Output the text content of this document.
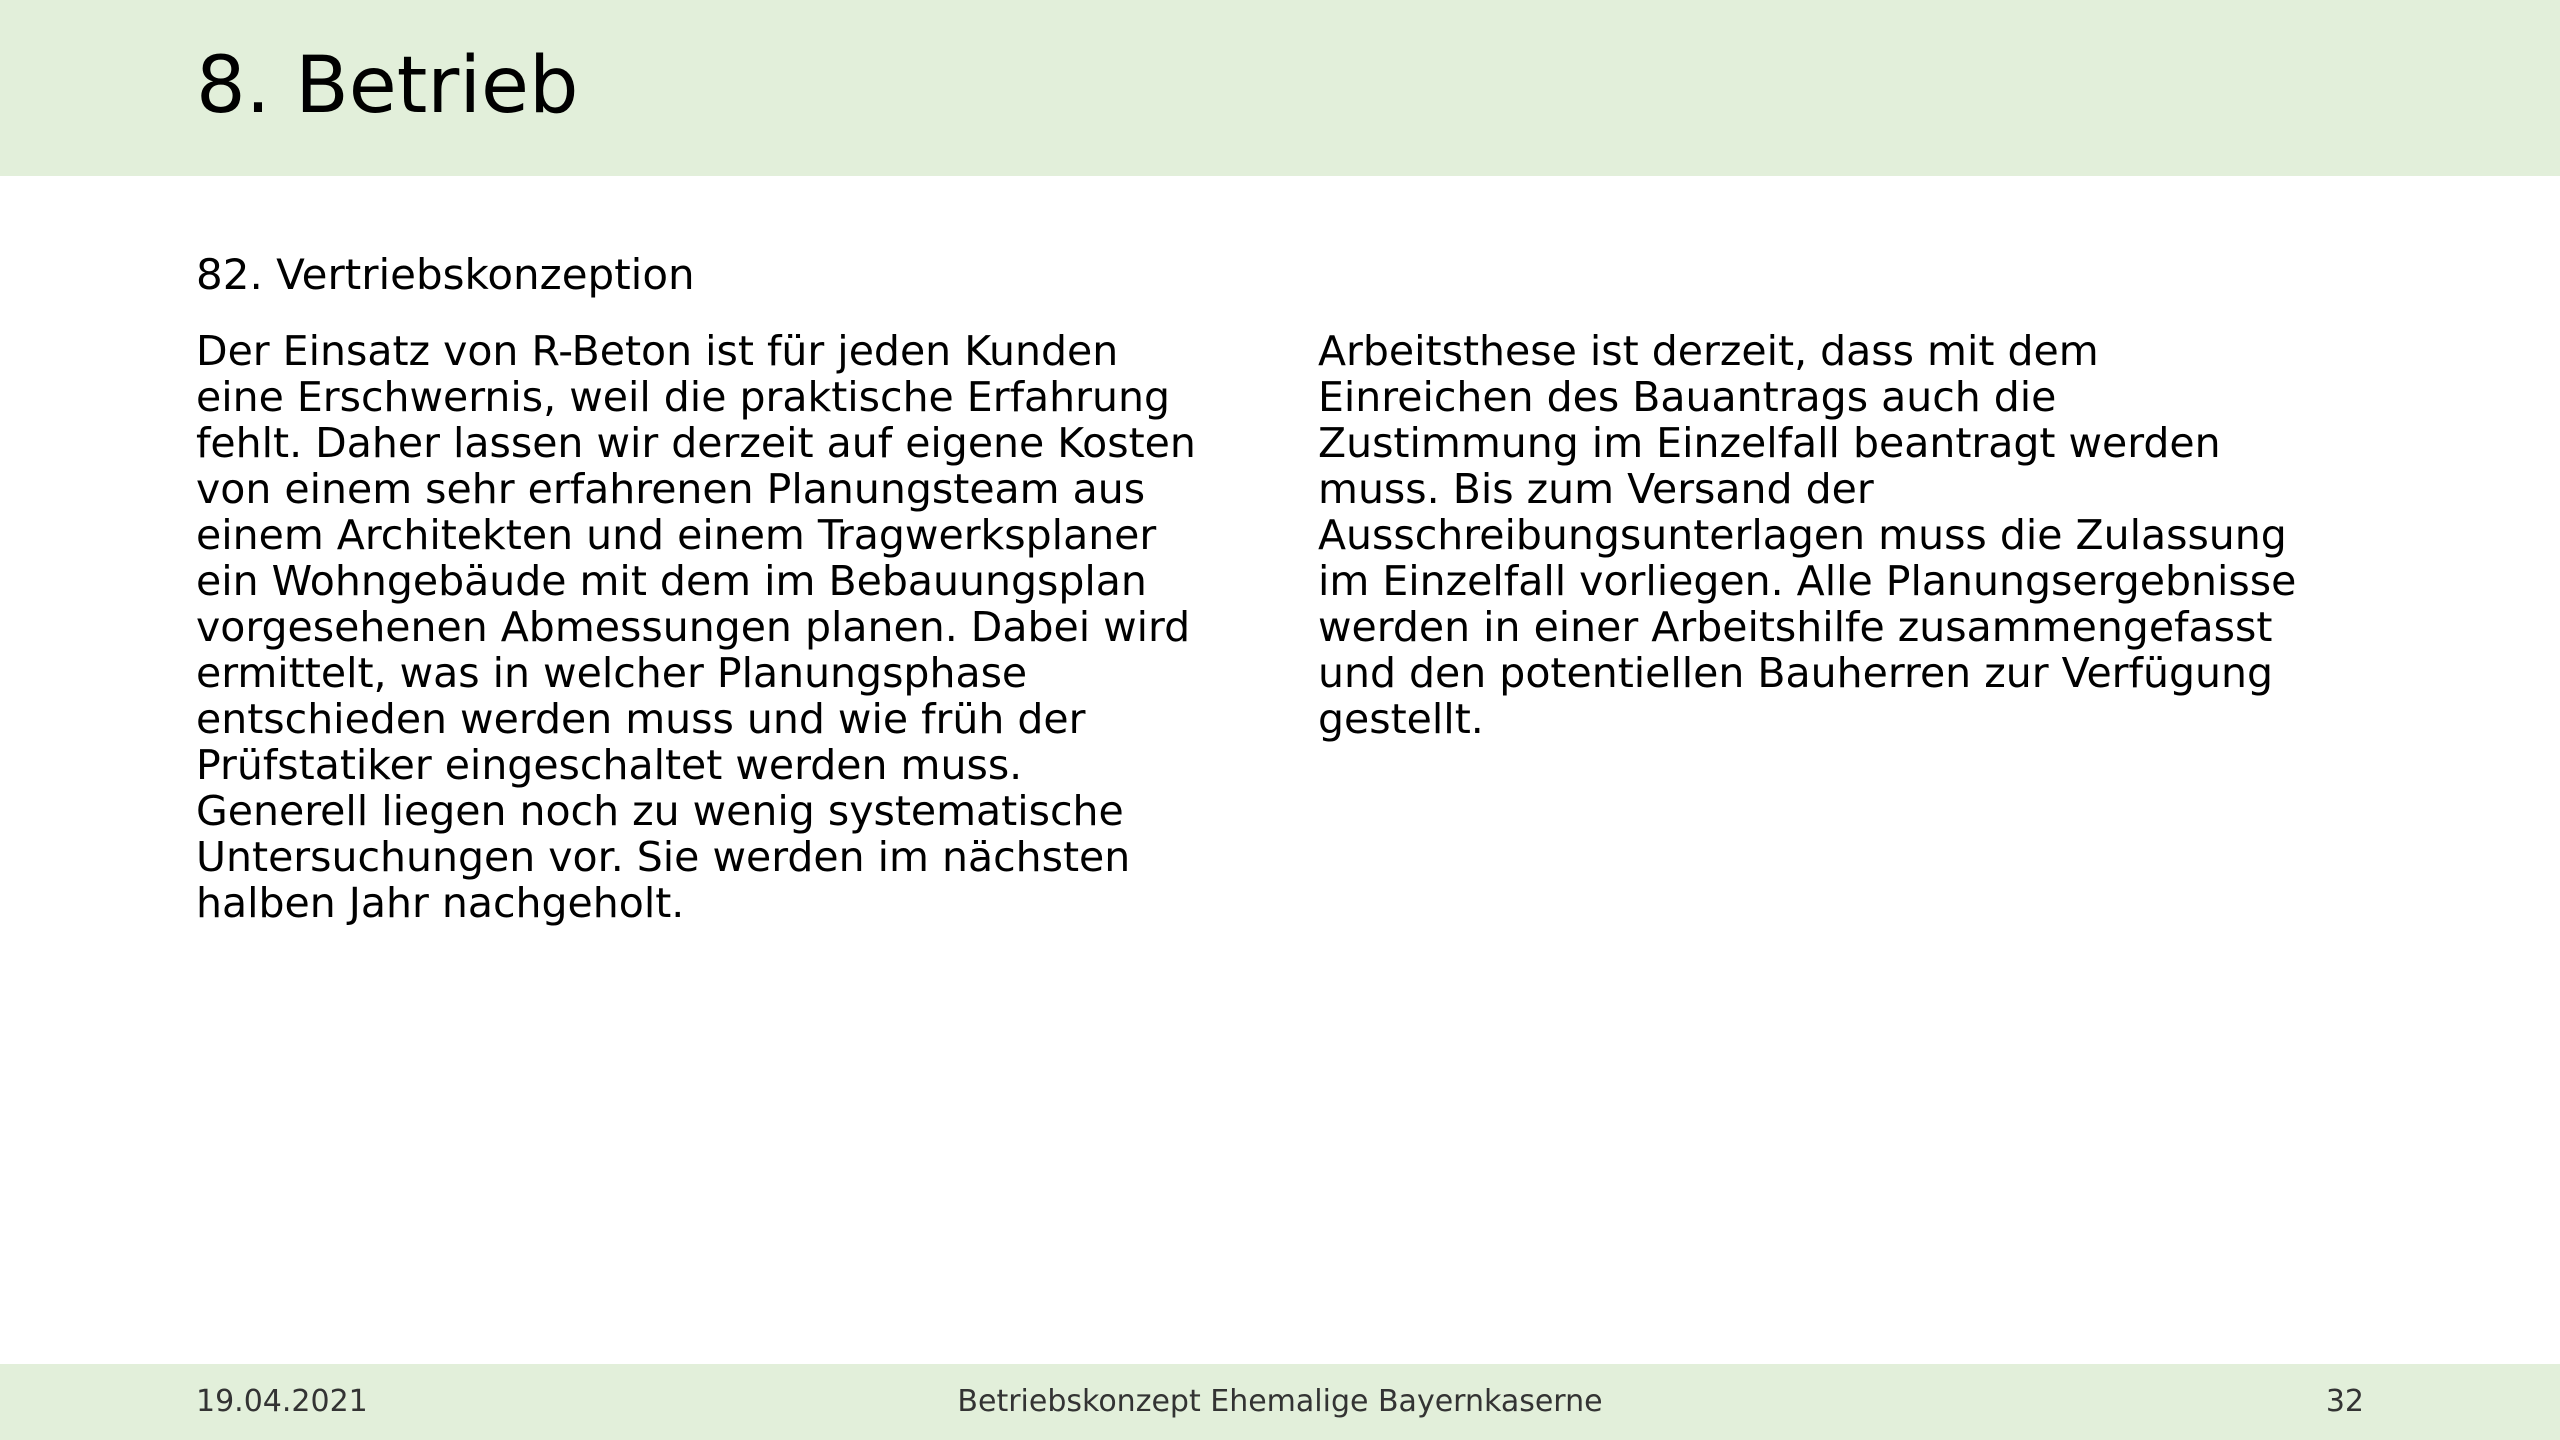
8. Betrieb
82. Vertriebskonzeption
Der Einsatz von R-Beton ist für jeden Kunden
eine Erschwernis, weil die praktische Erfahrung
fehlt. Daher lassen wir derzeit auf eigene Kosten
von einem sehr erfahrenen Planungsteam aus
einem Architekten und einem Tragwerksplaner
ein Wohngebäude mit dem im Bebauungsplan
vorgesehenen Abmessungen planen. Dabei wird
ermittelt, was in welcher Planungsphase
entschieden werden muss und wie früh der
Prüfstatiker eingeschaltet werden muss.
Generell liegen noch zu wenig systematische
Untersuchungen vor. Sie werden im nächsten
halben Jahr nachgeholt.
Arbeitsthese ist derzeit, dass mit dem
Einreichen des Bauantrags auch die
Zustimmung im Einzelfall beantragt werden
muss. Bis zum Versand der
Ausschreibungsunterlagen muss die Zulassung
im Einzelfall vorliegen. Alle Planungsergebnisse
werden in einer Arbeitshilfe zusammengefasst
und den potentiellen Bauherren zur Verfügung
gestellt.
19.04.2021	Betriebskonzept Ehemalige Bayernkaserne	32
